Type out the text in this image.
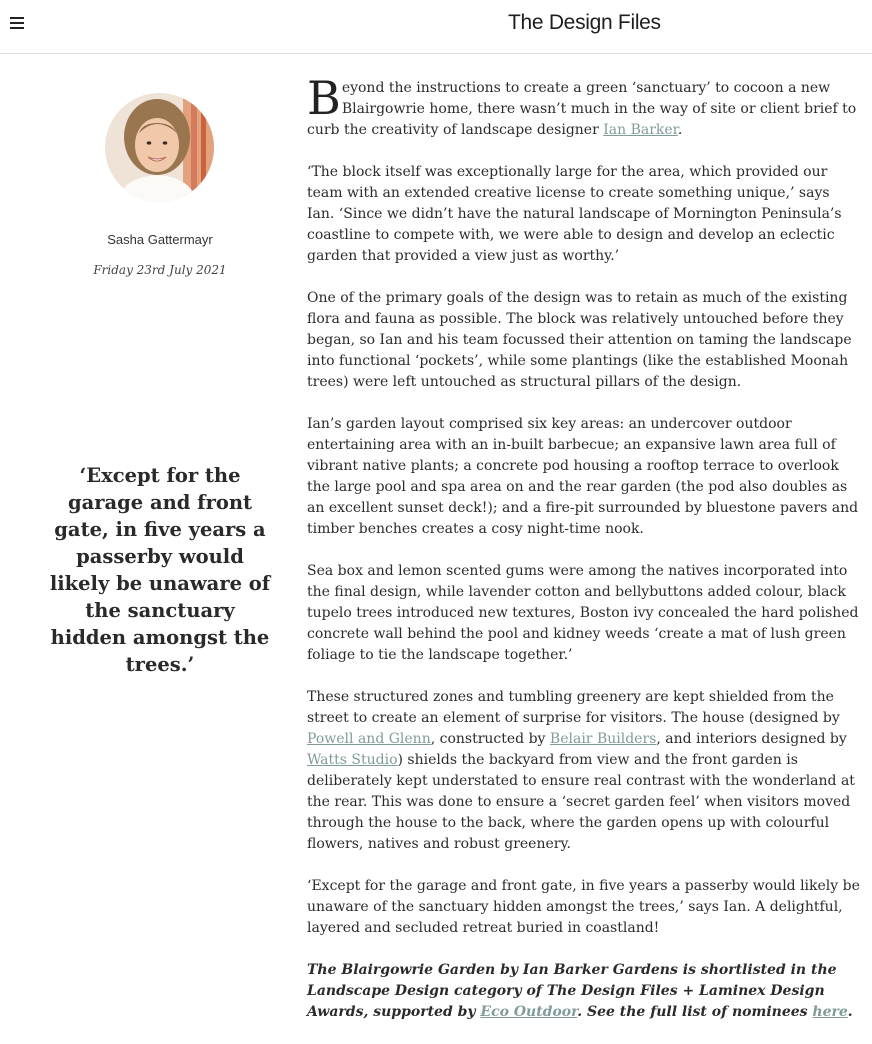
The Design Files
Sasha Gattermayr
Friday 23rd July 2021
‘Except for the garage and front gate, in five years a passerby would likely be unaware of the sanctuary hidden amongst the trees.’

Beyond the instructions to create a green ‘sanctuary’ to cocoon a new Blairgowrie home, there wasn’t much in the way of site or client brief to curb the creativity of landscape designer Ian Barker.

‘The block itself was exceptionally large for the area, which provided our team with an extended creative license to create something unique,’ says Ian. ‘Since we didn’t have the natural landscape of Mornington Peninsula’s coastline to compete with, we were able to design and develop an eclectic garden that provided a view just as worthy.’

One of the primary goals of the design was to retain as much of the existing flora and fauna as possible. The block was relatively untouched before they began, so Ian and his team focussed their attention on taming the landscape into functional ‘pockets’, while some plantings (like the established Moonah trees) were left untouched as structural pillars of the design.

Ian’s garden layout comprised six key areas: an undercover outdoor entertaining area with an in-built barbecue; an expansive lawn area full of vibrant native plants; a concrete pod housing a rooftop terrace to overlook the large pool and spa area on and the rear garden (the pod also doubles as an excellent sunset deck!); and a fire-pit surrounded by bluestone pavers and timber benches creates a cosy night-time nook.

Sea box and lemon scented gums were among the natives incorporated into the final design, while lavender cotton and bellybuttons added colour, black tupelo trees introduced new textures, Boston ivy concealed the hard polished concrete wall behind the pool and kidney weeds ‘create a mat of lush green foliage to tie the landscape together.’

These structured zones and tumbling greenery are kept shielded from the street to create an element of surprise for visitors. The house (designed by Powell and Glenn, constructed by Belair Builders, and interiors designed by Watts Studio) shields the backyard from view and the front garden is deliberately kept understated to ensure real contrast with the wonderland at the rear. This was done to ensure a ‘secret garden feel’ when visitors moved through the house to the back, where the garden opens up with colourful flowers, natives and robust greenery.

‘Except for the garage and front gate, in five years a passerby would likely be unaware of the sanctuary hidden amongst the trees,’ says Ian. A delightful, layered and secluded retreat buried in coastland!

The Blairgowrie Garden by Ian Barker Gardens is shortlisted in the Landscape Design category of The Design Files + Laminex Design Awards, supported by Eco Outdoor. See the full list of nominees here.
